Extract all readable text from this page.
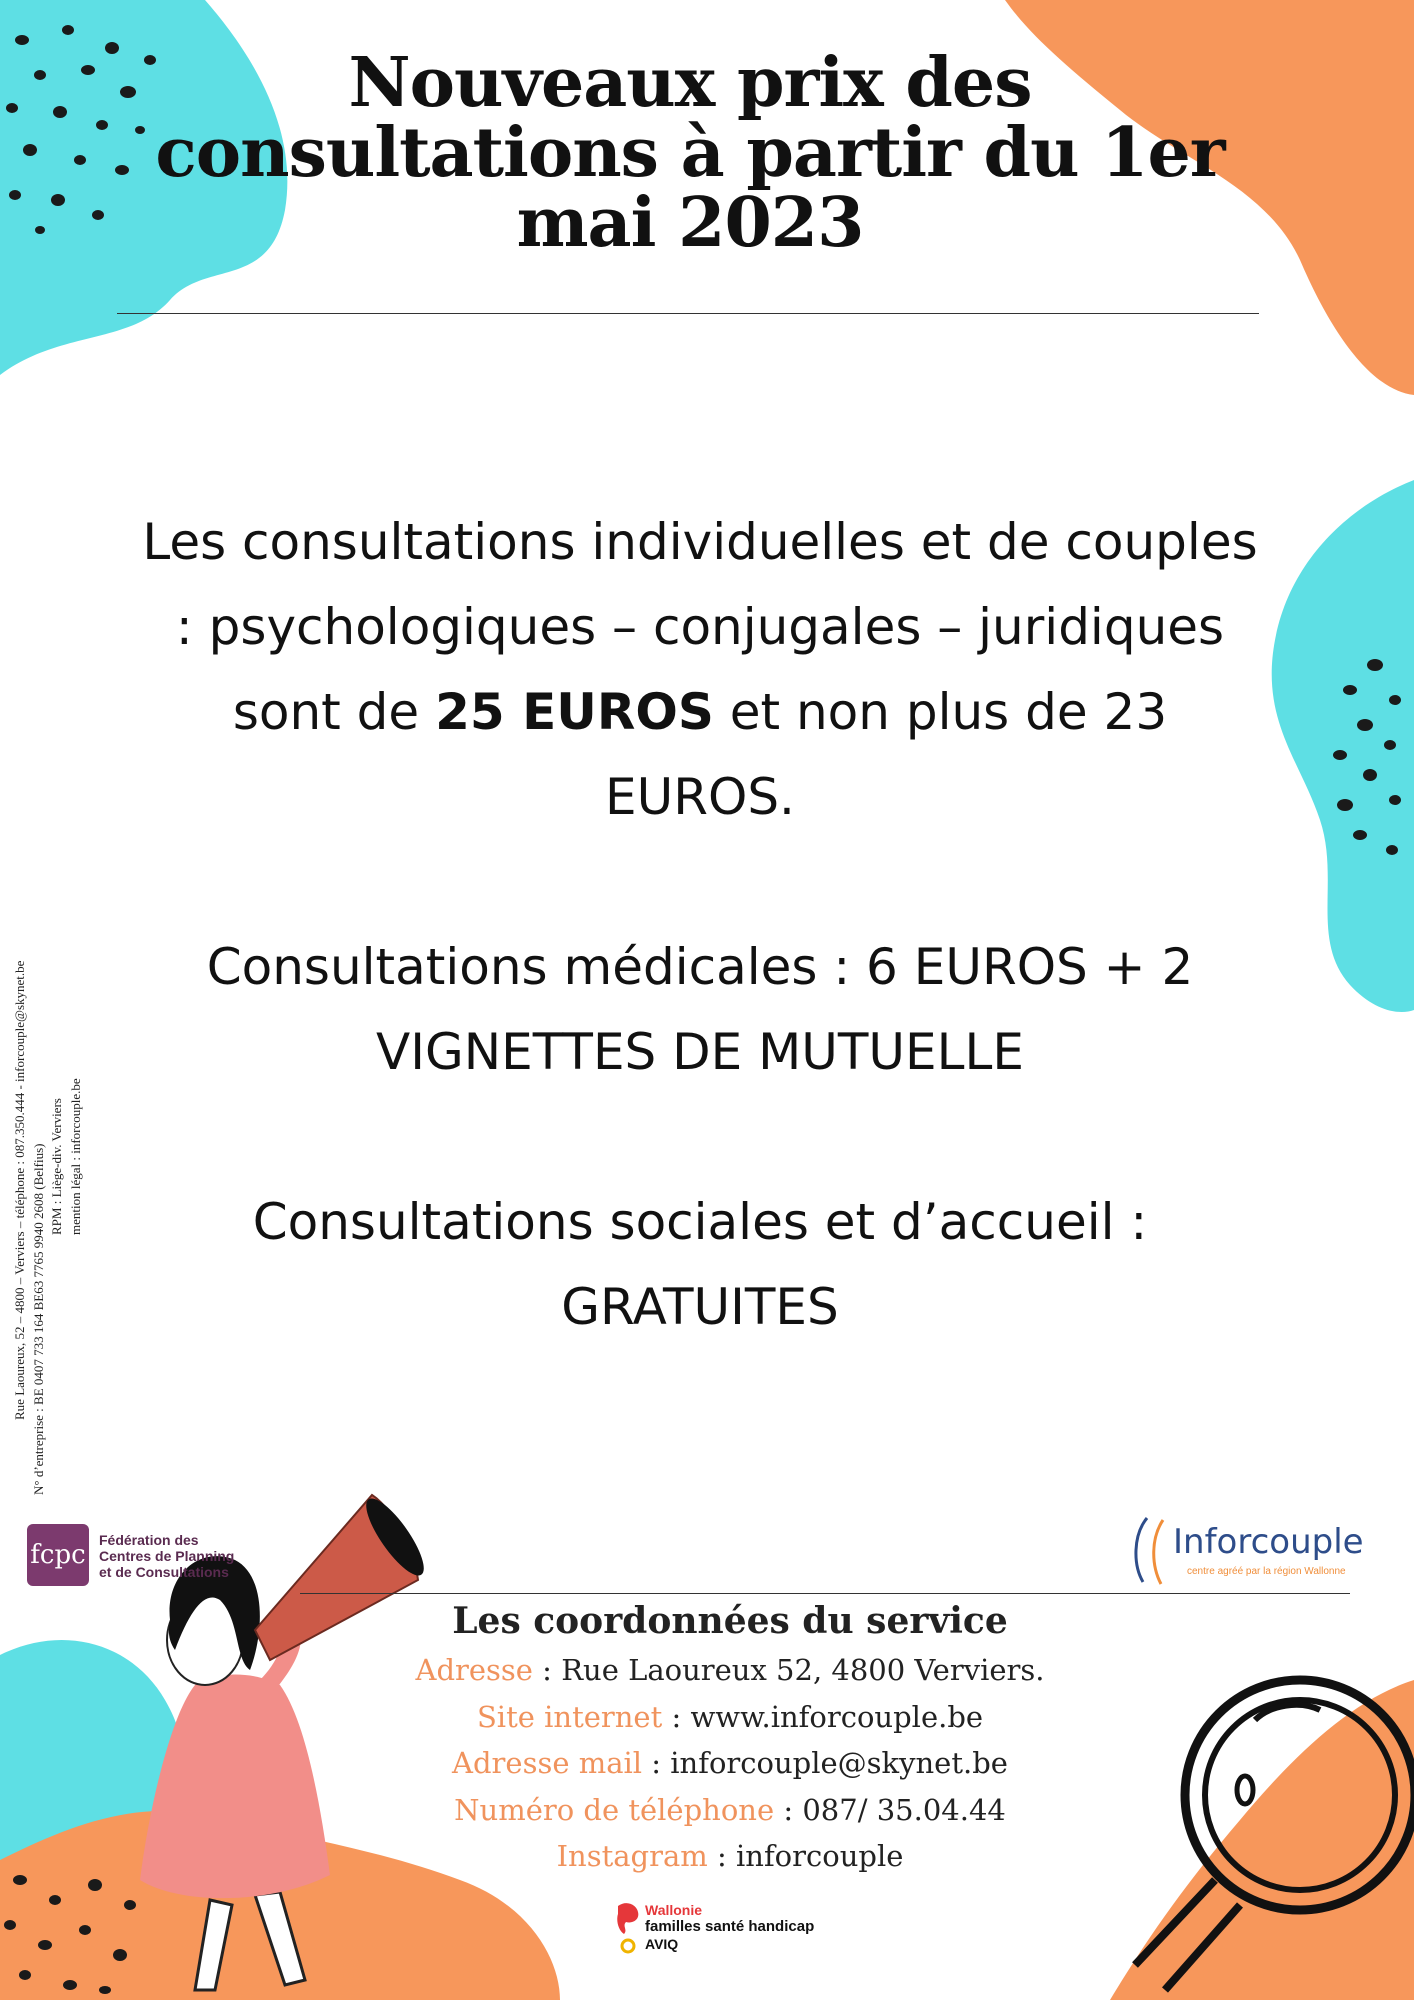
Nouveaux prix des consultations à partir du 1er mai 2023

Les consultations individuelles et de couples : psychologiques – conjugales – juridiques sont de 25 EUROS et non plus de 23 EUROS.

Consultations médicales : 6 EUROS + 2 VIGNETTES DE MUTUELLE

Consultations sociales et d’accueil : GRATUITES

Rue Laoureux, 52 – 4800 – Verviers – téléphone : 087.350.444 - inforcouple@skynet.be N° d’entreprise : BE 0407 733 164 BE63 7765 9940 2608 (Belfius) RPM : Liège-div. Verviers mention légal : inforcouple.be
fcpc Fédération des
Centres de Planning
et de Consultations
Inforcouple
centre agréé par la région Wallonne
Les coordonnées du service
Adresse : Rue Laoureux 52, 4800 Verviers.
Site internet : www.inforcouple.be
Adresse mail : inforcouple@skynet.be
Numéro de téléphone : 087/ 35.04.44
Instagram : inforcouple
Wallonie
familles santé handicap
AVIQ
